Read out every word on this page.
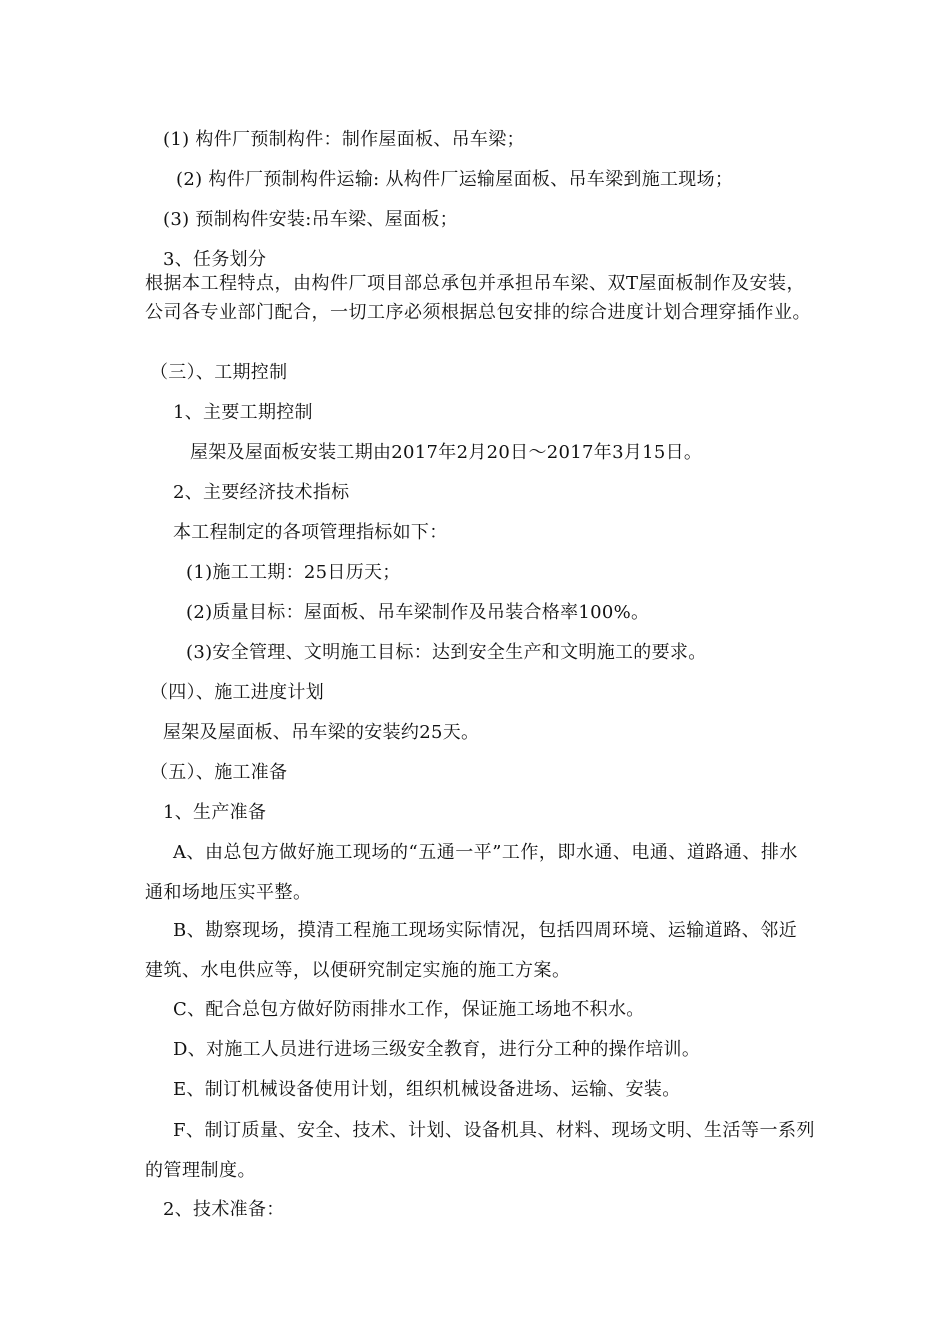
(1) 构件厂预制构件：制作屋面板、吊车梁；
(2) 构件厂预制构件运输: 从构件厂运输屋面板、吊车梁到施工现场；
(3) 预制构件安装:吊车梁、屋面板；
3、任务划分
根据本工程特点，由构件厂项目部总承包并承担吊车梁、双T屋面板制作及安装，公司各专业部门配合，一切工序必须根据总包安排的综合进度计划合理穿插作业。
（三）、工期控制
1、主要工期控制
屋架及屋面板安装工期由2017年2月20日～2017年3月15日。
2、主要经济技术指标
本工程制定的各项管理指标如下：
(1)施工工期：25日历天；
(2)质量目标：屋面板、吊车梁制作及吊装合格率100%。
(3)安全管理、文明施工目标：达到安全生产和文明施工的要求。
（四）、施工进度计划
屋架及屋面板、吊车梁的安装约25天。
（五）、施工准备
1、生产准备
A、由总包方做好施工现场的“五通一平”工作，即水通、电通、道路通、排水通和场地压实平整。
B、勘察现场，摸清工程施工现场实际情况，包括四周环境、运输道路、邻近建筑、水电供应等，以便研究制定实施的施工方案。
C、配合总包方做好防雨排水工作，保证施工场地不积水。
D、对施工人员进行进场三级安全教育，进行分工种的操作培训。
E、制订机械设备使用计划，组织机械设备进场、运输、安装。
F、制订质量、安全、技术、计划、设备机具、材料、现场文明、生活等一系列的管理制度。
2、技术准备：
